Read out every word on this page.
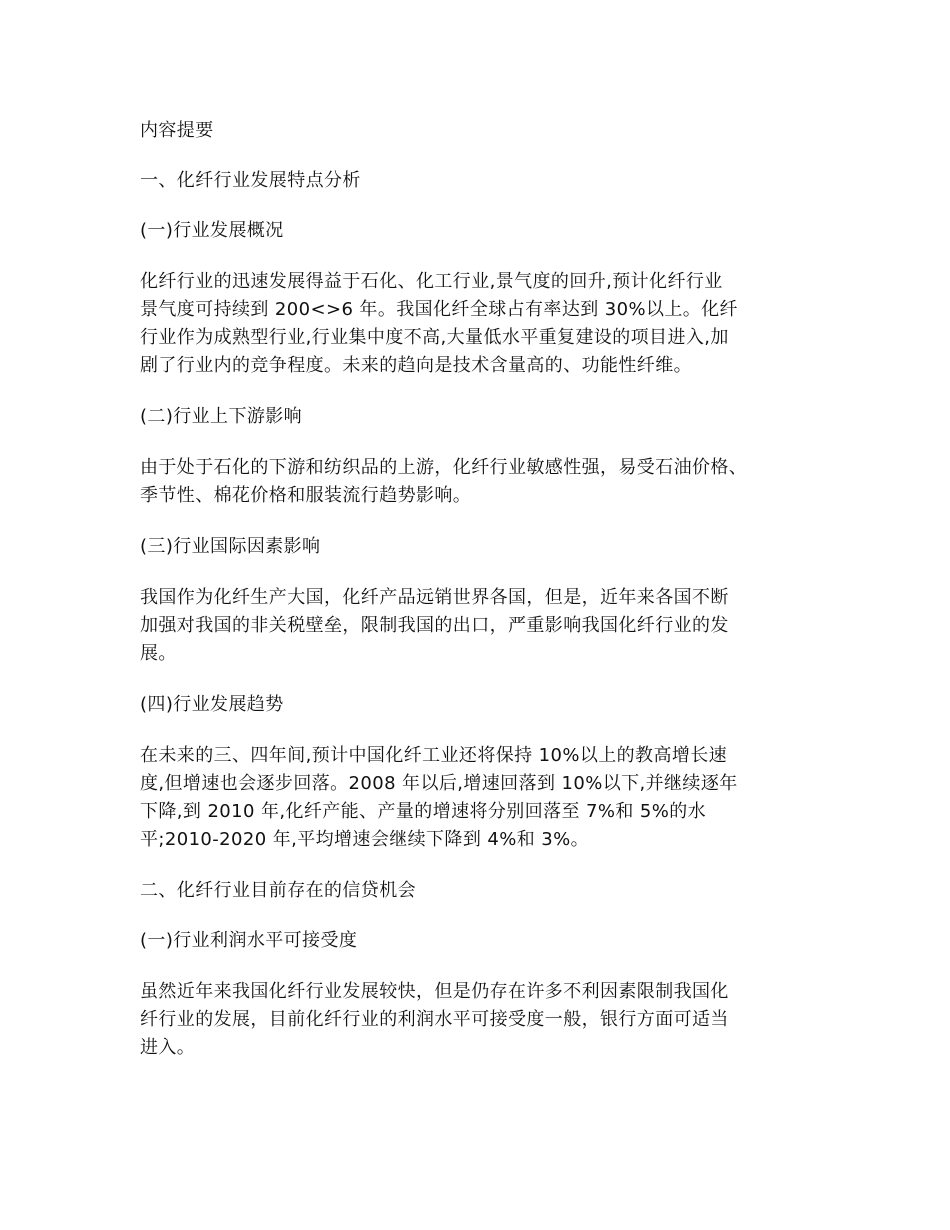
内容提要
一、化纤行业发展特点分析
(一)行业发展概况
化纤行业的迅速发展得益于石化、化工行业,景气度的回升,预计化纤行业
景气度可持续到 200<>6 年。我国化纤全球占有率达到 30%以上。化纤
行业作为成熟型行业,行业集中度不高,大量低水平重复建设的项目进入,加
剧了行业内的竞争程度。未来的趋向是技术含量高的、功能性纤维。
(二)行业上下游影响
由于处于石化的下游和纺织品的上游，化纤行业敏感性强，易受石油价格、
季节性、棉花价格和服装流行趋势影响。
(三)行业国际因素影响
我国作为化纤生产大国，化纤产品远销世界各国，但是，近年来各国不断
加强对我国的非关税壁垒，限制我国的出口，严重影响我国化纤行业的发
展。
(四)行业发展趋势
在未来的三、四年间,预计中国化纤工业还将保持 10%以上的教高增长速
度,但增速也会逐步回落。2008 年以后,增速回落到 10%以下,并继续逐年
下降,到 2010 年,化纤产能、产量的增速将分别回落至 7%和 5%的水
平;2010-2020 年,平均增速会继续下降到 4%和 3%。
二、化纤行业目前存在的信贷机会
(一)行业利润水平可接受度
虽然近年来我国化纤行业发展较快，但是仍存在许多不利因素限制我国化
纤行业的发展，目前化纤行业的利润水平可接受度一般，银行方面可适当
进入。
